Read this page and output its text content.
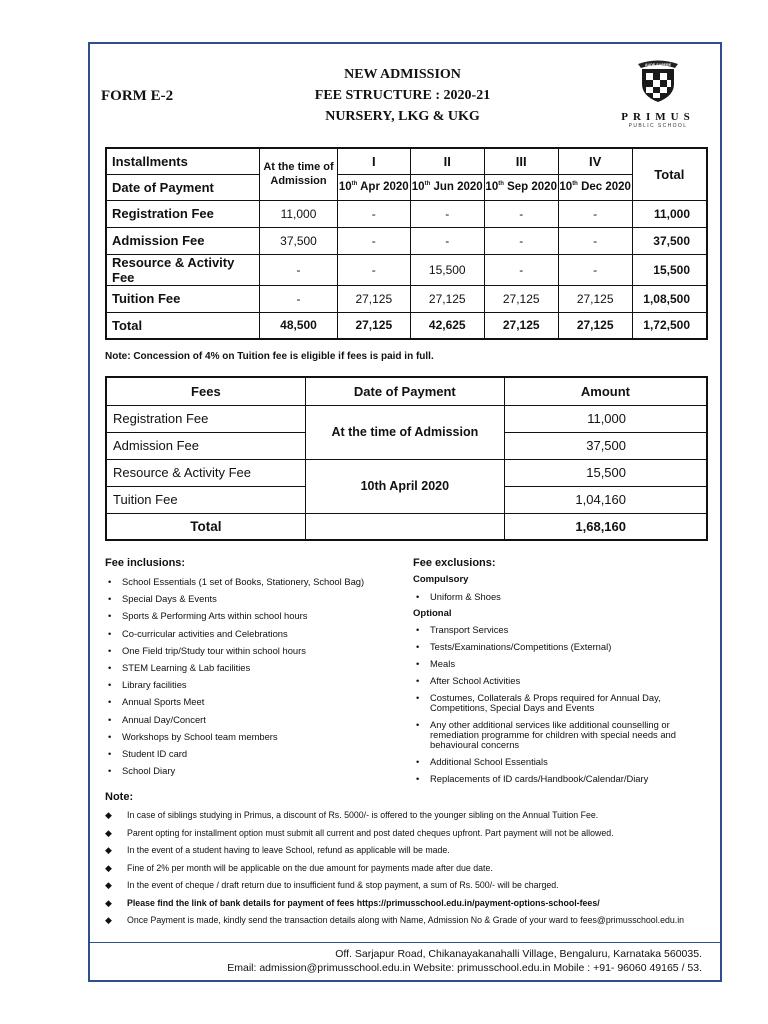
FORM E-2
NEW ADMISSION
FEE STRUCTURE : 2020-21
NURSERY, LKG & UKG
AUDE SAPERE
PRIMUS
PUBLIC SCHOOL
Installments	At the time of Admission	I	II	III	IV	Total
Date of Payment		10th Apr 2020	10th Jun 2020	10th Sep 2020	10th Dec 2020	
Registration Fee	11,000	-	-	-	-	11,000
Admission Fee	37,500	-	-	-	-	37,500
Resource & Activity Fee	-	-	15,500	-	-	15,500
Tuition Fee	-	27,125	27,125	27,125	27,125	1,08,500
Total	48,500	27,125	42,625	27,125	27,125	1,72,500
Note: Concession of 4% on Tuition fee is eligible if fees is paid in full.
Fees	Date of Payment	Amount
Registration Fee	At the time of Admission	11,000
Admission Fee		37,500
Resource & Activity Fee	10th April 2020	15,500
Tuition Fee		1,04,160
Total		1,68,160
Fee inclusions:
• School Essentials (1 set of Books, Stationery, School Bag)
• Special Days & Events
• Sports & Performing Arts within school hours
• Co-curricular activities and Celebrations
• One Field trip/Study tour within school hours
• STEM Learning & Lab facilities
• Library facilities
• Annual Sports Meet
• Annual Day/Concert
• Workshops by School team members
• Student ID card
• School Diary
Fee exclusions:
Compulsory
• Uniform & Shoes
Optional
• Transport Services
• Tests/Examinations/Competitions (External)
• Meals
• After School Activities
• Costumes, Collaterals & Props required for Annual Day, Competitions, Special Days and Events
• Any other additional services like additional counselling or remediation programme for children with special needs and behavioural concerns
• Additional School Essentials
• Replacements of ID cards/Handbook/Calendar/Diary
Note:
◆ In case of siblings studying in Primus, a discount of Rs. 5000/- is offered to the younger sibling on the Annual Tuition Fee.
◆ Parent opting for installment option must submit all current and post dated cheques upfront. Part payment will not be allowed.
◆ In the event of a student having to leave School, refund as applicable will be made.
◆ Fine of 2% per month will be applicable on the due amount for payments made after due date.
◆ In the event of cheque / draft return due to insufficient fund & stop payment, a sum of Rs. 500/- will be charged.
◆ Please find the link of bank details for payment of fees https://primusschool.edu.in/payment-options-school-fees/
◆ Once Payment is made, kindly send the transaction details along with Name, Admission No & Grade of your ward to fees@primusschool.edu.in
Off. Sarjapur Road, Chikanayakanahalli Village, Bengaluru, Karnataka 560035.
Email: admission@primusschool.edu.in Website: primusschool.edu.in Mobile : +91- 96060 49165 / 53.
